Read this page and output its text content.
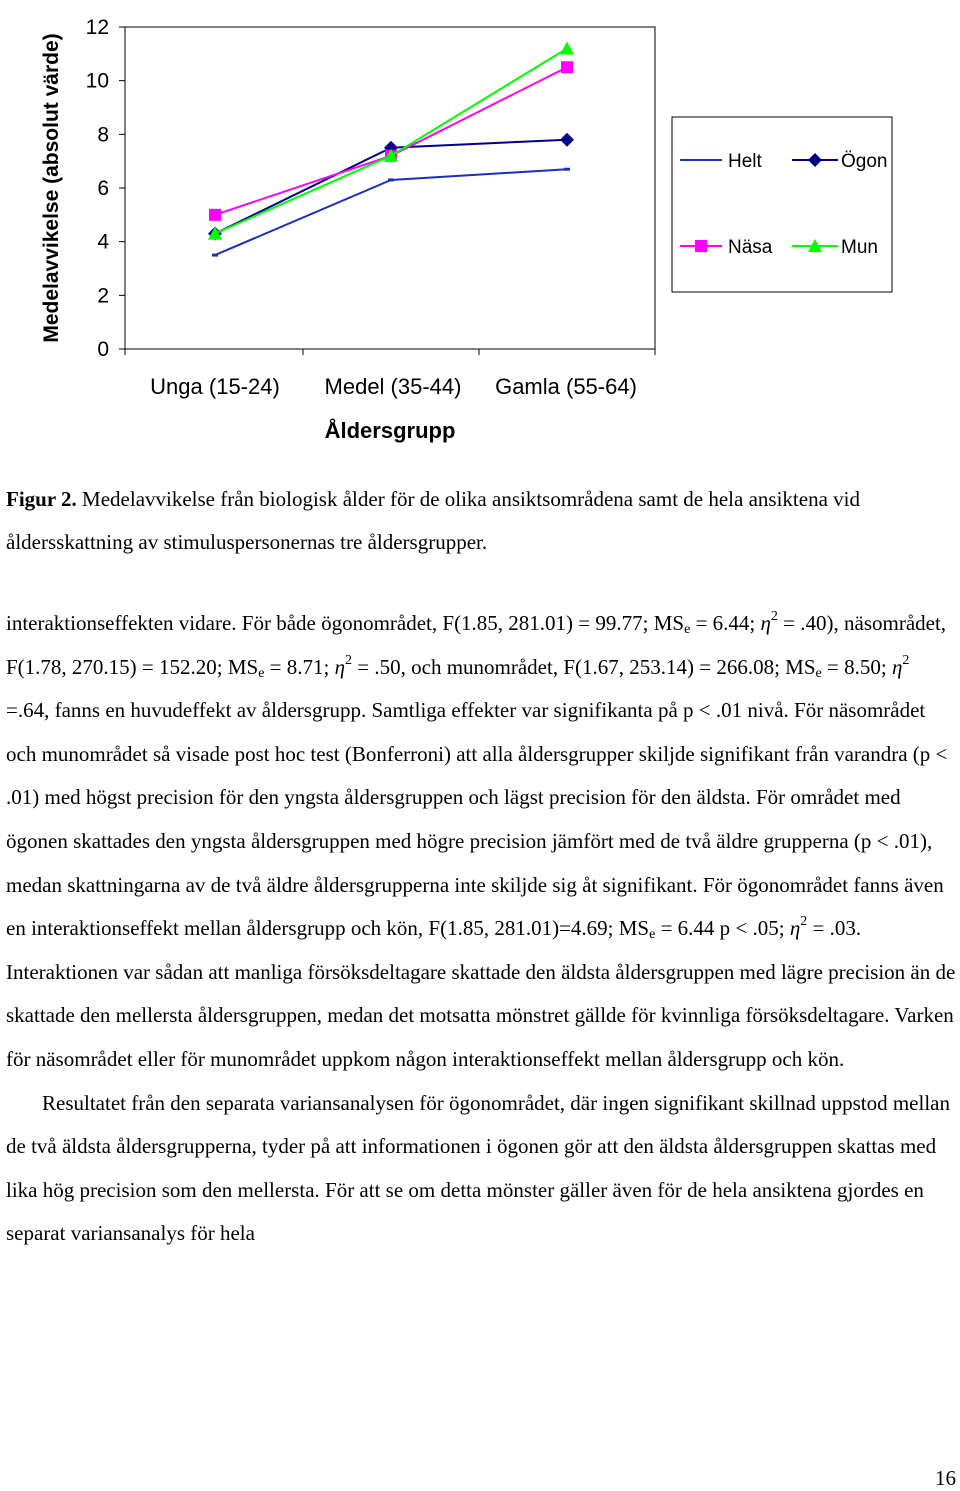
Medelavvikelse (absolut värde)
Åldersgrupp
0
2
4
6
8
10
12
Unga (15-24) Medel (35-44) Gamla (55-64)
Helt	Ögon
Näsa	Mun
Figur 2. Medelavvikelse från biologisk ålder för de olika ansiktsområdena samt de hela ansiktena vid åldersskattning av stimuluspersonernas tre åldersgrupper.

interaktionseffekten vidare. För både ögonområdet, F(1.85, 281.01) = 99.77; $MS_e = 6.44$; $\eta^2 = .40$), näsområdet, F(1.78, 270.15) = 152.20; $MS_e = 8.71$; $\eta^2 = .50$, och munområdet, F(1.67, 253.14) = 266.08; $MS_e = 8.50$; $\eta^2 =.64$, fanns en huvudeffekt av åldersgrupp. Samtliga effekter var signifikanta på p < .01 nivå. För näsområdet och munområdet så visade post hoc test (Bonferroni) att alla åldersgrupper skiljde signifikant från varandra (p < .01) med högst precision för den yngsta åldersgruppen och lägst precision för den äldsta. För området med ögonen skattades den yngsta åldersgruppen med högre precision jämfört med de två äldre grupperna (p < .01), medan skattningarna av de två äldre åldersgrupperna inte skiljde sig åt signifikant. För ögonområdet fanns även en interaktionseffekt mellan åldersgrupp och kön, F(1.85, 281.01)=4.69; $MS_e = 6.44$ p < .05; $\eta^2 = .03$. Interaktionen var sådan att manliga försöksdeltagare skattade den äldsta åldersgruppen med lägre precision än de skattade den mellersta åldersgruppen, medan det motsatta mönstret gällde för kvinnliga försöksdeltagare. Varken för näsområdet eller för munområdet uppkom någon interaktionseffekt mellan åldersgrupp och kön.

Resultatet från den separata variansanalysen för ögonområdet, där ingen signifikant skillnad uppstod mellan de två äldsta åldersgrupperna, tyder på att informationen i ögonen gör att den äldsta åldersgruppen skattas med lika hög precision som den mellersta. För att se om detta mönster gäller även för de hela ansiktena gjordes en separat variansanalys för hela

16
